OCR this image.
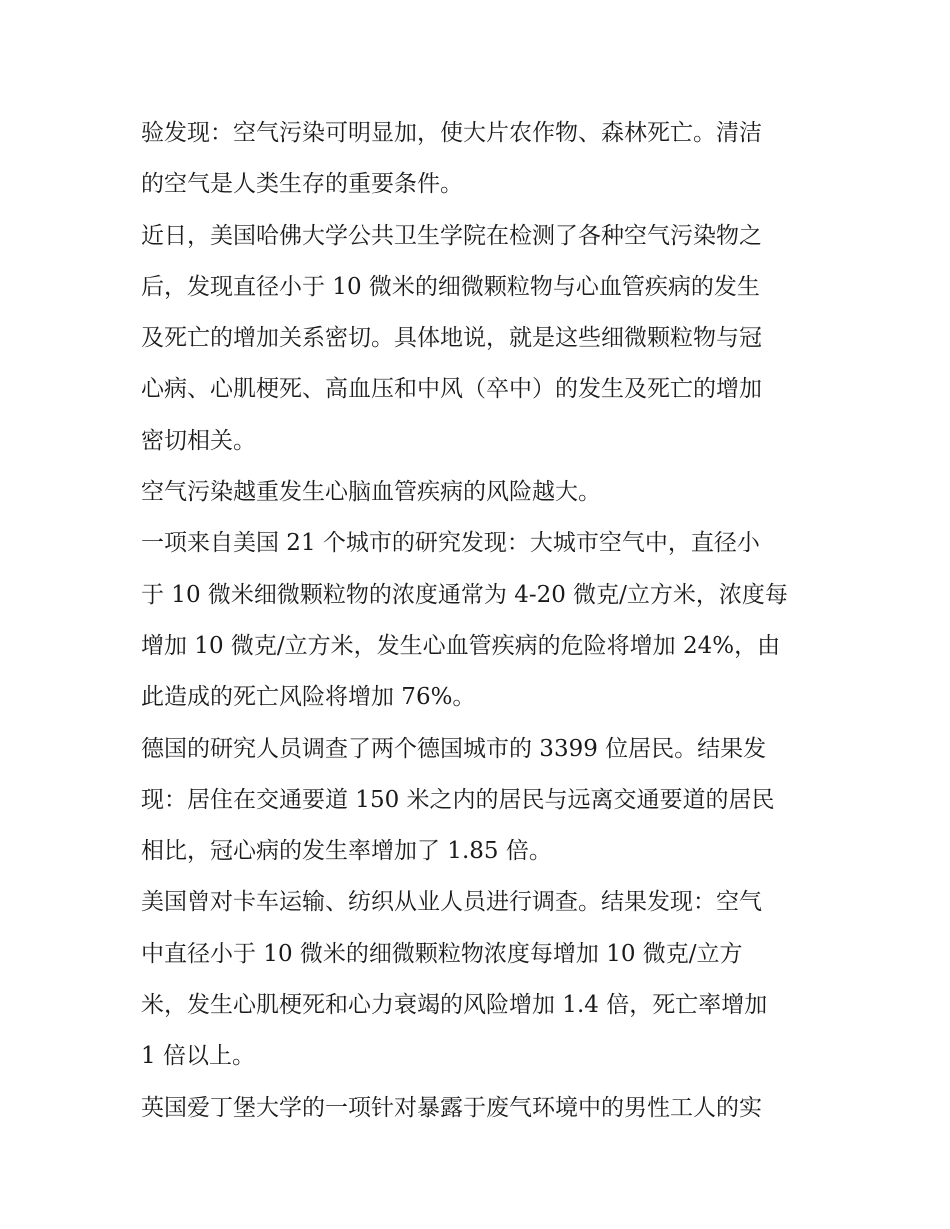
验发现：空气污染可明显加，使大片农作物、森林死亡。清洁
的空气是人类生存的重要条件。
近日，美国哈佛大学公共卫生学院在检测了各种空气污染物之
后，发现直径小于 10 微米的细微颗粒物与心血管疾病的发生
及死亡的增加关系密切。具体地说，就是这些细微颗粒物与冠
心病、心肌梗死、高血压和中风（卒中）的发生及死亡的增加
密切相关。
空气污染越重发生心脑血管疾病的风险越大。
一项来自美国 21 个城市的研究发现：大城市空气中，直径小
于 10 微米细微颗粒物的浓度通常为 4-20 微克/立方米，浓度每
增加 10 微克/立方米，发生心血管疾病的危险将增加 24%，由
此造成的死亡风险将增加 76%。
德国的研究人员调查了两个德国城市的 3399 位居民。结果发
现：居住在交通要道 150 米之内的居民与远离交通要道的居民
相比，冠心病的发生率增加了 1.85 倍。
美国曾对卡车运输、纺织从业人员进行调查。结果发现：空气
中直径小于 10 微米的细微颗粒物浓度每增加 10 微克/立方
米，发生心肌梗死和心力衰竭的风险增加 1.4 倍，死亡率增加
1 倍以上。
英国爱丁堡大学的一项针对暴露于废气环境中的男性工人的实
